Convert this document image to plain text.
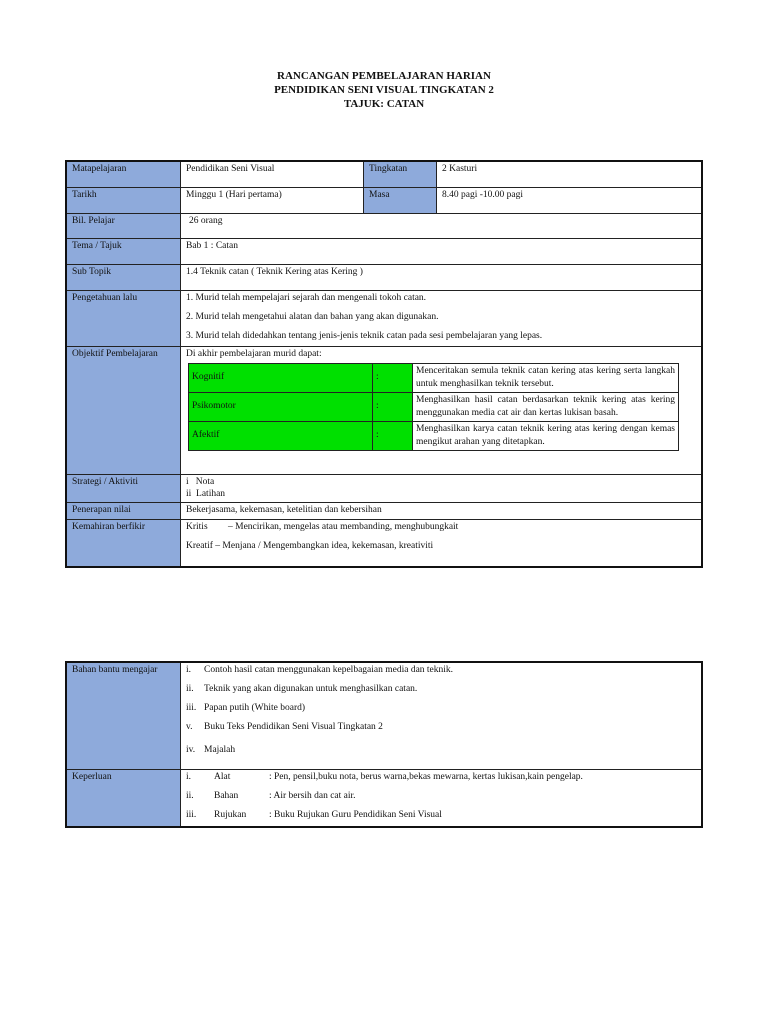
RANCANGAN PEMBELAJARAN HARIAN
PENDIDIKAN SENI VISUAL TINGKATAN 2
TAJUK: CATAN
Matapelajaran	Pendidikan Seni Visual	Tingkatan	2 Kasturi
Tarikh	Minggu 1 (Hari pertama)	Masa	8.40 pagi -10.00 pagi
Bil. Pelajar	26 orang
Tema / Tajuk	Bab 1 : Catan
Sub Topik	1.4 Teknik catan ( Teknik Kering atas Kering )
Pengetahuan lalu	1. Murid telah mempelajari sejarah dan mengenali tokoh catan.
2. Murid telah mengetahui alatan dan bahan yang akan digunakan.
3. Murid telah didedahkan tentang jenis-jenis teknik catan pada sesi pembelajaran yang lepas.

Objektif Pembelajaran	Di akhir pembelajaran murid dapat:
Kognitif	:	Menceritakan semula teknik catan kering atas kering serta langkah untuk menghasilkan teknik tersebut.
Psikomotor	:	Menghasilkan hasil catan berdasarkan teknik kering atas kering menggunakan media cat air dan kertas lukisan basah.
Afektif	:	Menghasilkan karya catan teknik kering atas kering dengan kemas mengikut arahan yang ditetapkan.

Strategi / Aktiviti	i   Nota
ii  Latihan

Penerapan nilai	Bekerjasama, kekemasan, ketelitian dan kebersihan
Kemahiran berfikir	Kritis – Mencirikan, mengelas atau membanding, menghubungkait
Kreatif – Menjana / Mengembangkan idea, kekemasan, kreativiti
Bahan bantu mengajar	i. Contoh hasil catan menggunakan kepelbagaian media dan teknik.
ii. Teknik yang akan digunakan untuk menghasilkan catan.
iii. Papan putih (White board)
v. Buku Teks Pendidikan Seni Visual Tingkatan 2
iv. Majalah

Keperluan	i. Alat : Pen, pensil,buku nota, berus warna,bekas mewarna, kertas lukisan,kain pengelap.
ii. Bahan : Air bersih dan cat air.
iii. Rujukan : Buku Rujukan Guru Pendidikan Seni Visual
